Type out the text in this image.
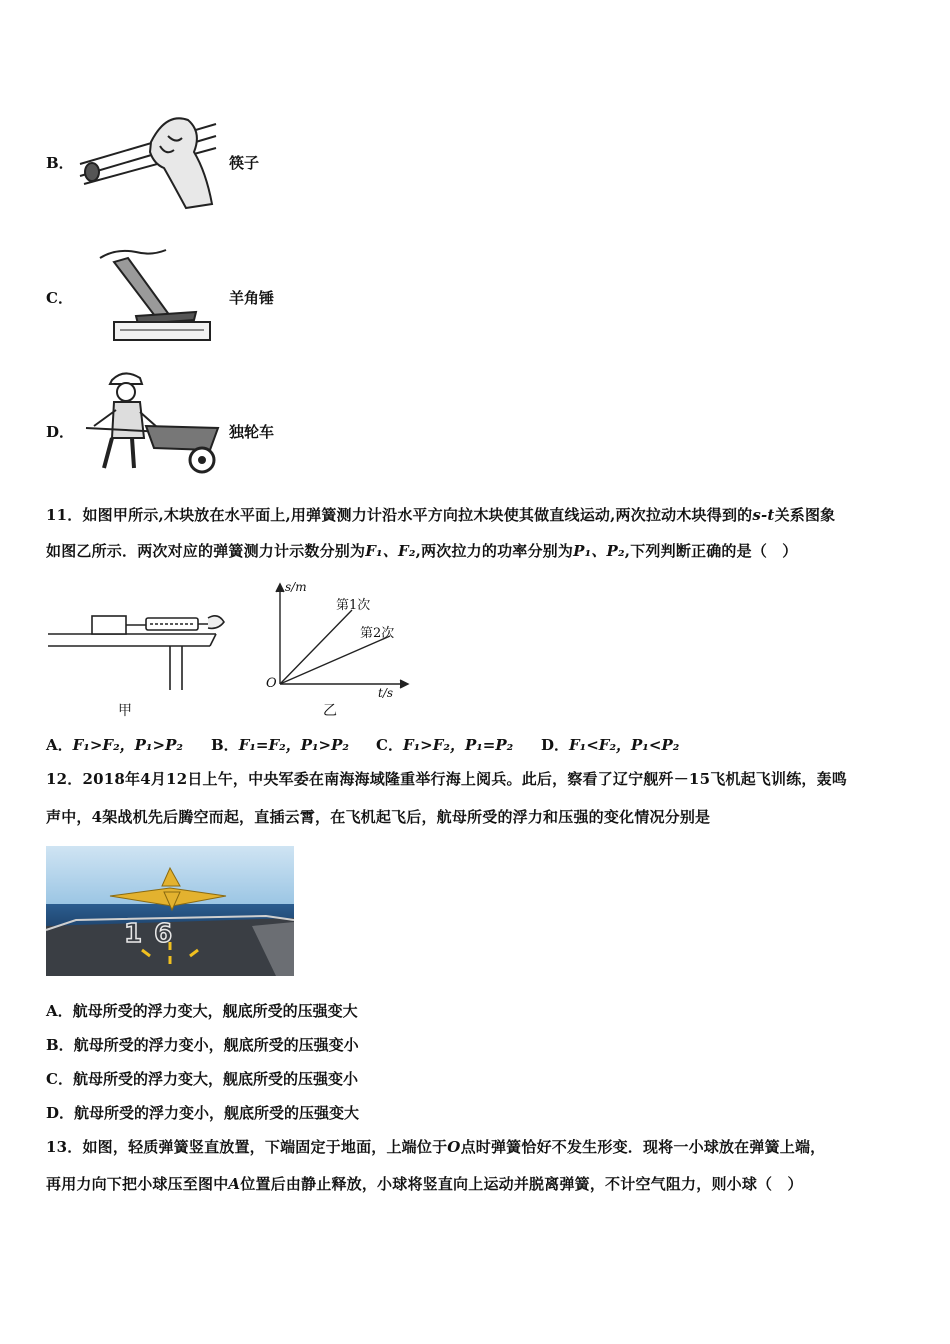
B．	筷子
C．	羊角锤
D．	独轮车
11．如图甲所示,木块放在水平面上,用弹簧测力计沿水平方向拉木块使其做直线运动,两次拉动木块得到的s-t关系图象
如图乙所示．两次对应的弹簧测力计示数分别为F₁、F₂,两次拉力的功率分别为P₁、P₂,下列判断正确的是（　）
甲
s/m
t/s
O
第1次
第2次
乙
A．F₁>F₂，P₁>P₂ B．F₁=F₂，P₁>P₂ C．F₁>F₂，P₁=P₂ D．F₁<F₂，P₁<P₂
12．2018年4月12日上午，中央军委在南海海域隆重举行海上阅兵。此后，察看了辽宁舰歼－15飞机起飞训练，轰鸣
声中，4架战机先后腾空而起，直插云霄，在飞机起飞后，航母所受的浮力和压强的变化情况分别是
16
A．航母所受的浮力变大，舰底所受的压强变大
B．航母所受的浮力变小，舰底所受的压强变小
C．航母所受的浮力变大，舰底所受的压强变小
D．航母所受的浮力变小，舰底所受的压强变大
13．如图，轻质弹簧竖直放置，下端固定于地面，上端位于O点时弹簧恰好不发生形变．现将一小球放在弹簧上端，
再用力向下把小球压至图中A位置后由静止释放，小球将竖直向上运动并脱离弹簧，不计空气阻力，则小球（　）
